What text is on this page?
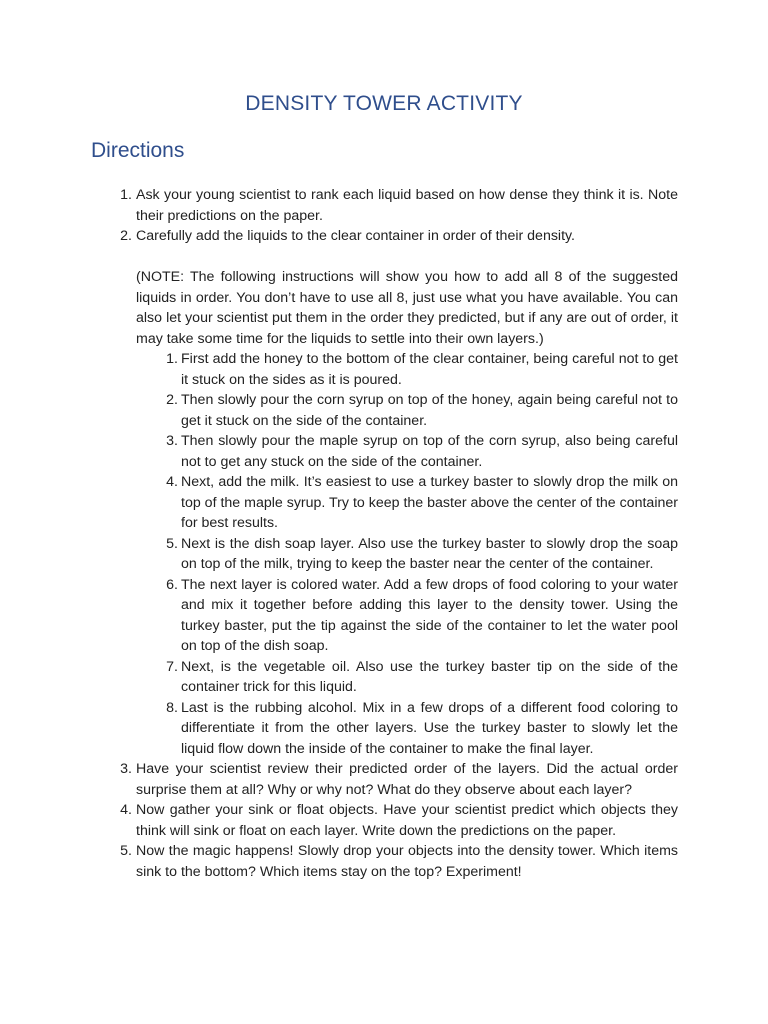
DENSITY TOWER ACTIVITY
Directions
1 . Ask your young scientist to rank each liquid based on how dense they think it is. Note their predictions on the paper.
2 . Carefully add the liquids to the clear container in order of their density.
(NOTE: The following instructions will show you how to add all 8 of the suggested liquids in order. You don’t have to use all 8, just use what you have available. You can also let your scientist put them in the order they predicted, but if any are out of order, it may take some time for the liquids to settle into their own layers.)
1 . First add the honey to the bottom of the clear container, being careful not to get it stuck on the sides as it is poured.
2 . Then slowly pour the corn syrup on top of the honey, again being careful not to get it stuck on the side of the container.
3 . Then slowly pour the maple syrup on top of the corn syrup, also being careful not to get any stuck on the side of the container.
4 . Next, add the milk. It’s easiest to use a turkey baster to slowly drop the milk on top of the maple syrup. Try to keep the baster above the center of the container for best results.
5 . Next is the dish soap layer. Also use the turkey baster to slowly drop the soap on top of the milk, trying to keep the baster near the center of the container.
6 . The next layer is colored water. Add a few drops of food coloring to your water and mix it together before adding this layer to the density tower. Using the turkey baster, put the tip against the side of the container to let the water pool on top of the dish soap.
7 . Next, is the vegetable oil. Also use the turkey baster tip on the side of the container trick for this liquid.
8 . Last is the rubbing alcohol. Mix in a few drops of a different food coloring to differentiate it from the other layers. Use the turkey baster to slowly let the liquid flow down the inside of the container to make the final layer.
3 . Have your scientist review their predicted order of the layers. Did the actual order surprise them at all? Why or why not? What do they observe about each layer?
4 . Now gather your sink or float objects. Have your scientist predict which objects they think will sink or float on each layer. Write down the predictions on the paper.
5 . Now the magic happens! Slowly drop your objects into the density tower. Which items sink to the bottom? Which items stay on the top? Experiment!
